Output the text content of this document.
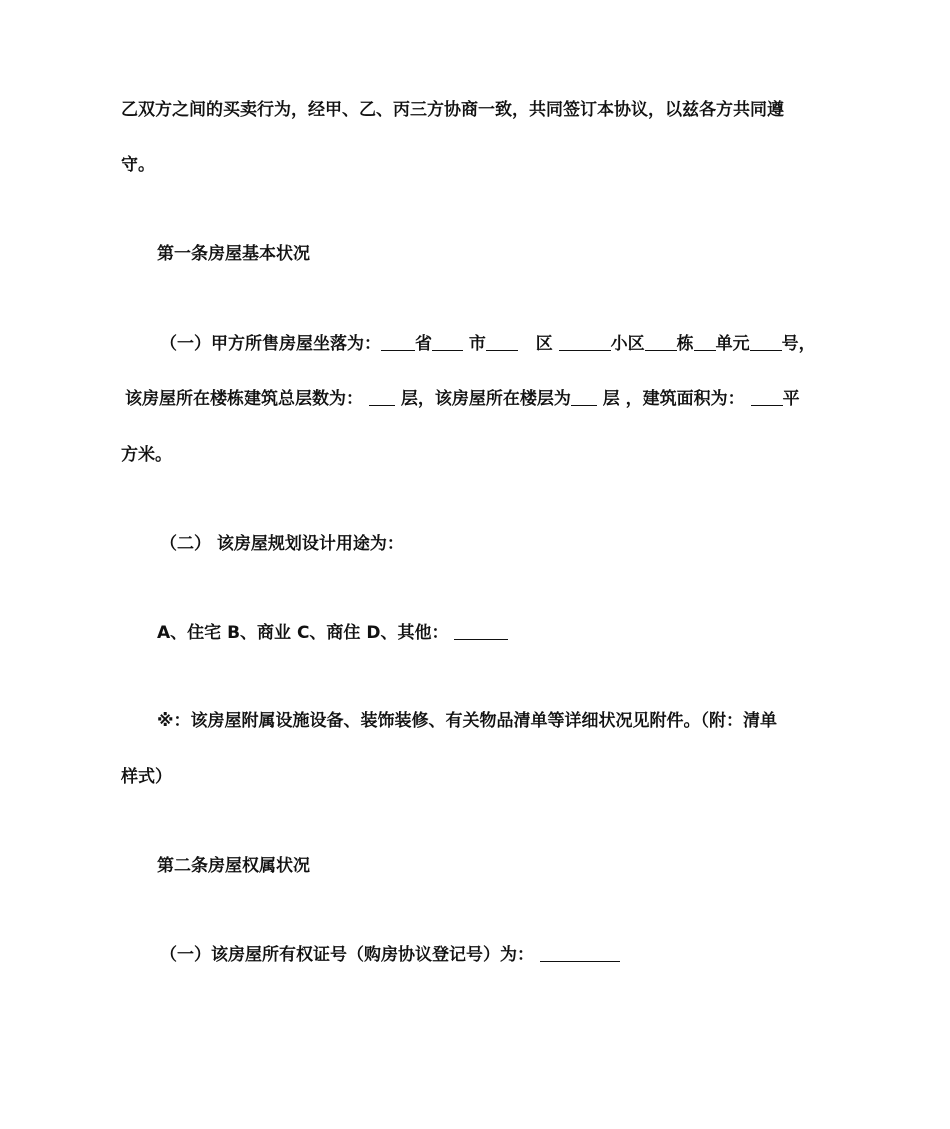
乙双方之间的买卖行为，经甲、乙、丙三方协商一致，共同签订本协议，以兹各方共同遵
守。
第一条房屋基本状况
（一）甲方所售房屋坐落为： 省 市	区	小区 栋 单元 号，
该房屋所在楼栋建筑总层数为： 层，该房屋所在楼层为 层 ，建筑面积为： 平
方米。
（二） 该房屋规划设计用途为：
A、住宅 B、商业 C、商住 D、其他：
※：该房屋附属设施设备、装饰装修、有关物品清单等详细状况见附件。（附：清单
样式）
第二条房屋权属状况
（一）该房屋所有权证号（购房协议登记号）为：
